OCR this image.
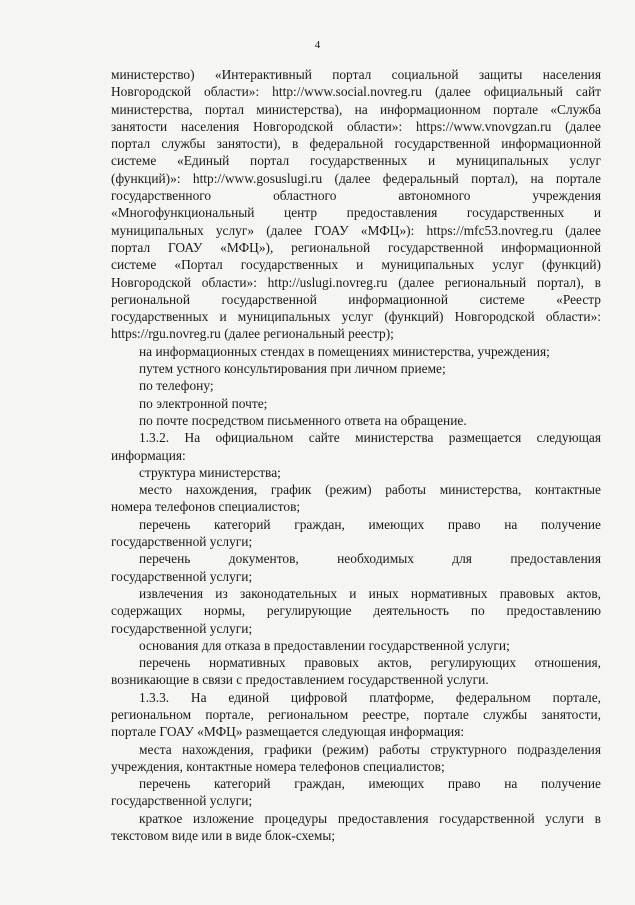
4
министерство) «Интерактивный портал социальной защиты населения
Новгородской области»: http://www.social.novreg.ru (далее официальный сайт
министерства, портал министерства), на информационном портале «Служба
занятости населения Новгородской области»: https://www.vnovgzan.ru (далее
портал службы занятости), в федеральной государственной информационной
системе «Единый портал государственных и муниципальных услуг
(функций)»: http://www.gosuslugi.ru (далее федеральный портал), на портале
государственного областного автономного учреждения
«Многофункциональный центр предоставления государственных и
муниципальных услуг» (далее ГОАУ «МФЦ»): https://mfc53.novreg.ru (далее
портал ГОАУ «МФЦ»), региональной государственной информационной
системе «Портал государственных и муниципальных услуг (функций)
Новгородской области»: http://uslugi.novreg.ru (далее региональный портал), в
региональной государственной информационной системе «Реестр
государственных и муниципальных услуг (функций) Новгородской области»:
https://rgu.novreg.ru (далее региональный реестр);
на информационных стендах в помещениях министерства, учреждения;
путем устного консультирования при личном приеме;
по телефону;
по электронной почте;
по почте посредством письменного ответа на обращение.
1.3.2. На официальном сайте министерства размещается следующая
информация:
структура министерства;
место нахождения, график (режим) работы министерства, контактные
номера телефонов специалистов;
перечень категорий граждан, имеющих право на получение
государственной услуги;
перечень документов, необходимых для предоставления
государственной услуги;
извлечения из законодательных и иных нормативных правовых актов,
содержащих нормы, регулирующие деятельность по предоставлению
государственной услуги;
основания для отказа в предоставлении государственной услуги;
перечень нормативных правовых актов, регулирующих отношения,
возникающие в связи с предоставлением государственной услуги.
1.3.3. На единой цифровой платформе, федеральном портале,
региональном портале, региональном реестре, портале службы занятости,
портале ГОАУ «МФЦ» размещается следующая информация:
места нахождения, графики (режим) работы структурного подразделения
учреждения, контактные номера телефонов специалистов;
перечень категорий граждан, имеющих право на получение
государственной услуги;
краткое изложение процедуры предоставления государственной услуги в
текстовом виде или в виде блок-схемы;
